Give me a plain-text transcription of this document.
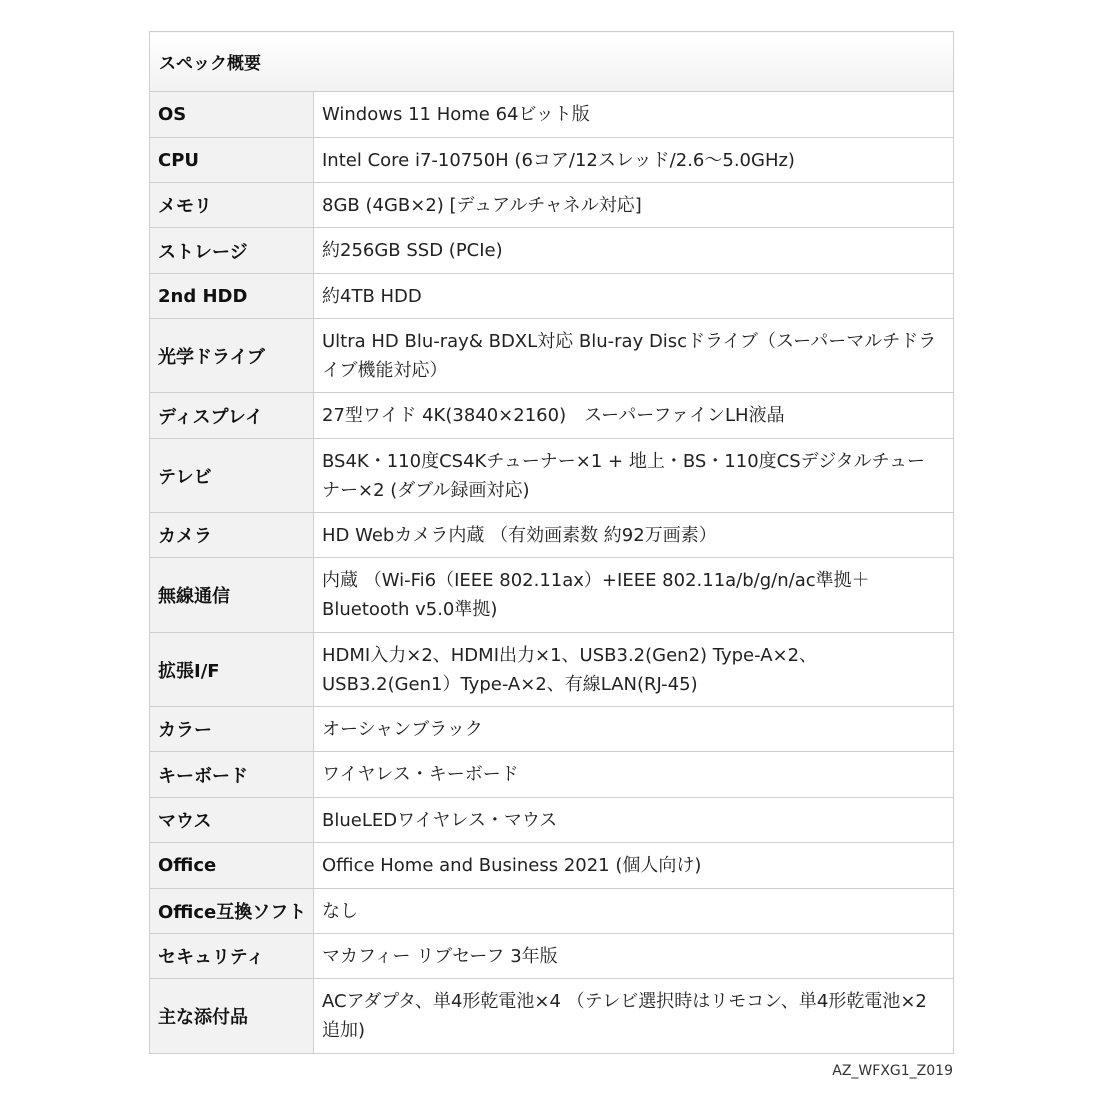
スペック概要	
OS	Windows 11 Home 64ビット版
CPU	Intel Core i7-10750H (6コア/12スレッド/2.6～5.0GHz)
メモリ	8GB (4GB×2) [デュアルチャネル対応]
ストレージ	約256GB SSD (PCIe)
2nd HDD	約4TB HDD
光学ドライブ	Ultra HD Blu-ray& BDXL対応 Blu-ray Discドライブ（スーパーマルチドライブ機能対応）
ディスプレイ	27型ワイド 4K(3840×2160)　スーパーファインLH液晶
テレビ	BS4K・110度CS4Kチューナー×1 + 地上・BS・110度CSデジタルチューナー×2 (ダブル録画対応)
カメラ	HD Webカメラ内蔵 （有効画素数 約92万画素）
無線通信	内蔵 （Wi-Fi6（IEEE 802.11ax）+IEEE 802.11a/b/g/n/ac準拠＋Bluetooth v5.0準拠)
拡張I/F	HDMI入力×2、HDMI出力×1、USB3.2(Gen2) Type-A×2、USB3.2(Gen1）Type-A×2、有線LAN(RJ-45)
カラー	オーシャンブラック
キーボード	ワイヤレス・キーボード
マウス	BlueLEDワイヤレス・マウス
Office	Office Home and Business 2021 (個人向け)
Office互換ソフト	なし
セキュリティ	マカフィー リブセーフ 3年版
主な添付品	ACアダプタ、単4形乾電池×4 （テレビ選択時はリモコン、単4形乾電池×2追加)
AZ_WFXG1_Z019
